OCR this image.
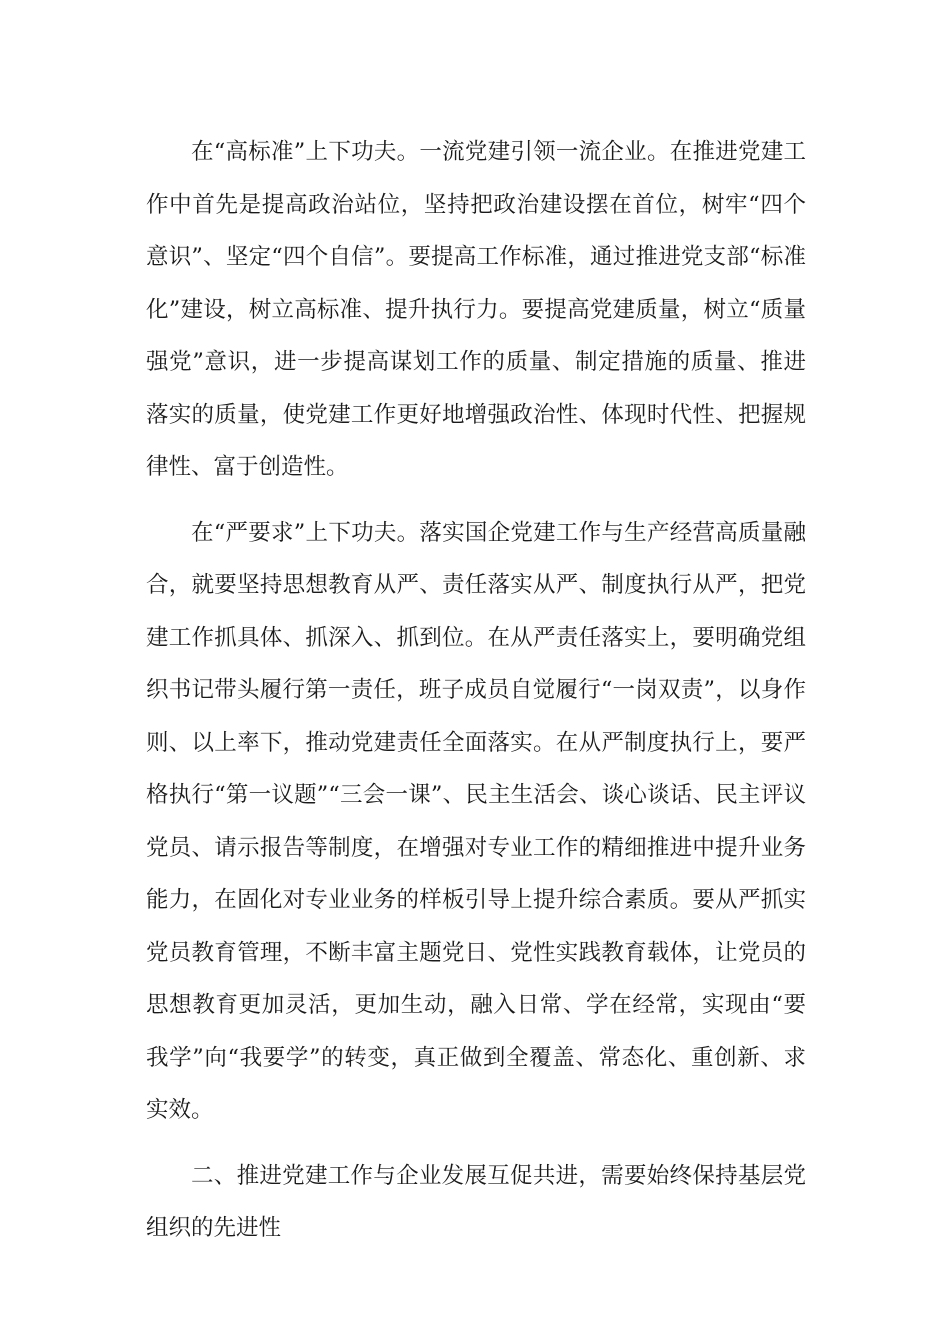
在“高标准”上下功夫。一流党建引领一流企业。在推进党建工作中首先是提高政治站位，坚持把政治建设摆在首位，树牢“四个意识”、坚定“四个自信”。要提高工作标准，通过推进党支部“标准化”建设，树立高标准、提升执行力。要提高党建质量，树立“质量强党”意识，进一步提高谋划工作的质量、制定措施的质量、推进落实的质量，使党建工作更好地增强政治性、体现时代性、把握规律性、富于创造性。

在“严要求”上下功夫。落实国企党建工作与生产经营高质量融合，就要坚持思想教育从严、责任落实从严、制度执行从严，把党建工作抓具体、抓深入、抓到位。在从严责任落实上，要明确党组织书记带头履行第一责任，班子成员自觉履行“一岗双责”，以身作则、以上率下，推动党建责任全面落实。在从严制度执行上，要严格执行“第一议题”“三会一课”、民主生活会、谈心谈话、民主评议党员、请示报告等制度，在增强对专业工作的精细推进中提升业务能力，在固化对专业业务的样板引导上提升综合素质。要从严抓实党员教育管理，不断丰富主题党日、党性实践教育载体，让党员的思想教育更加灵活，更加生动，融入日常、学在经常，实现由“要我学”向“我要学”的转变，真正做到全覆盖、常态化、重创新、求实效。

二、推进党建工作与企业发展互促共进，需要始终保持基层党组织的先进性
